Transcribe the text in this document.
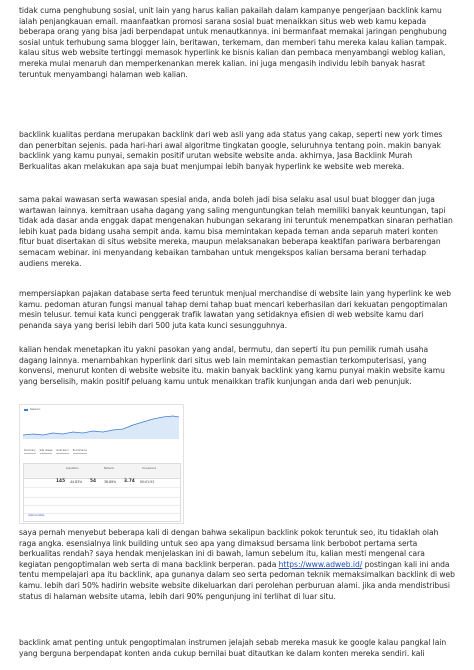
tidak cuma penghubung sosial, unit lain yang harus kalian pakailah dalam kampanye pengerjaan backlink kamu ialah penjangkauan email. maanfaatkan promosi sarana sosial buat menaikkan situs web web kamu kepada beberapa orang yang bisa jadi berpendapat untuk menautkannya. ini bermanfaat memakai jaringan penghubung sosial untuk terhubung sama blogger lain, beritawan, terkemam, dan memberi tahu mereka kalau kalian tampak. kalau situs web website tertinggi memasok hyperlink ke bisnis kalian dan pembaca menyambangi weblog kalian, mereka mulai menaruh dan memperkenankan merek kalian. ini juga mengasih individu lebih banyak hasrat teruntuk menyambangi halaman web kalian.

backlink kualitas perdana merupakan backlink dari web asli yang ada status yang cakap, seperti new york times dan penerbitan sejenis. pada hari-hari awal algoritme tingkatan google, seluruhnya tentang poin. makin banyak backlink yang kamu punyai, semakin positif urutan website website anda. akhirnya, Jasa Backlink Murah Berkualitas akan melakukan apa saja buat menjumpai lebih banyak hyperlink ke website web mereka.

sama pakai wawasan serta wawasan spesial anda, anda boleh jadi bisa selaku asal usul buat blogger dan juga wartawan lainnya. kemitraan usaha dagang yang saling menguntungkan telah memiliki banyak keuntungan, tapi tidak ada dasar anda enggak dapat mengenakan hubungan sekarang ini teruntuk menempatkan sinaran perhatian lebih kuat pada bidang usaha sempit anda. kamu bisa memintakan kepada teman anda separuh materi konten fitur buat disertakan di situs website mereka, maupun melaksanakan beberapa keaktifan pariwara berbarengan semacam webinar. ini menyandang kebaikan tambahan untuk mengekspos kalian bersama berani terhadap audiens mereka.

mempersiapkan pajakan database serta feed teruntuk menjual merchandise di website lain yang hyperlink ke web kamu. pedoman aturan fungsi manual tahap demi tahap buat mencari keberhasilan dari kekuatan pengoptimalan mesin telusur. temui kata kunci penggerak trafik lawatan yang setidaknya efisien di web website kamu dari penanda saya yang berisi lebih dari 500 juta kata kunci sesungguhnya.

kalian hendak menetapkan itu yakni pasokan yang andal, bermutu, dan seperti itu pun pemilik rumah usaha dagang lainnya. menambahkan hyperlink dari situs web lain memintakan pemastian terkomputerisasi, yang konvensi, menurut konten di website website itu. makin banyak backlink yang kamu punyai makin website kamu yang berselisih, makin positif peluang kamu untuk menaikkan trafik kunjungan anda dari web penunjuk.

Sessions
Summary Site Usage Goal Set 1 Ecommerce
Acquisition	Behavior	Conversions
145 44.83% 54 38.89% 3.74 00:01:53
referral sites

saya pernah menyebut beberapa kali di dengan bahwa sekalipun backlink pokok teruntuk seo, itu tidaklah olah raga angka. esensialnya link building untuk seo apa yang dimaksud bersama link berbobot pertama serta berkualitas rendah? saya hendak menjelaskan ini di bawah, lamun sebelum itu, kalian mesti mengenal cara kegiatan pengoptimalan web serta di mana backlink berperan. pada https://www.adweb.id/ postingan kali ini anda tentu mempelajari apa itu backlink, apa gunanya dalam seo serta pedoman teknik memaksimalkan backlink di web kamu. lebih dari 50% hadirin website website dikeluarkan dari perolehan perburuan alami. jika anda mendistribusi status di halaman website utama, lebih dari 90% pengunjung ini terlihat di luar situ.

backlink amat penting untuk pengoptimalan instrumen jelajah sebab mereka masuk ke google kalau pangkal lain yang berguna berpendapat konten anda cukup bernilai buat ditautkan ke dalam konten mereka sendiri. kali
